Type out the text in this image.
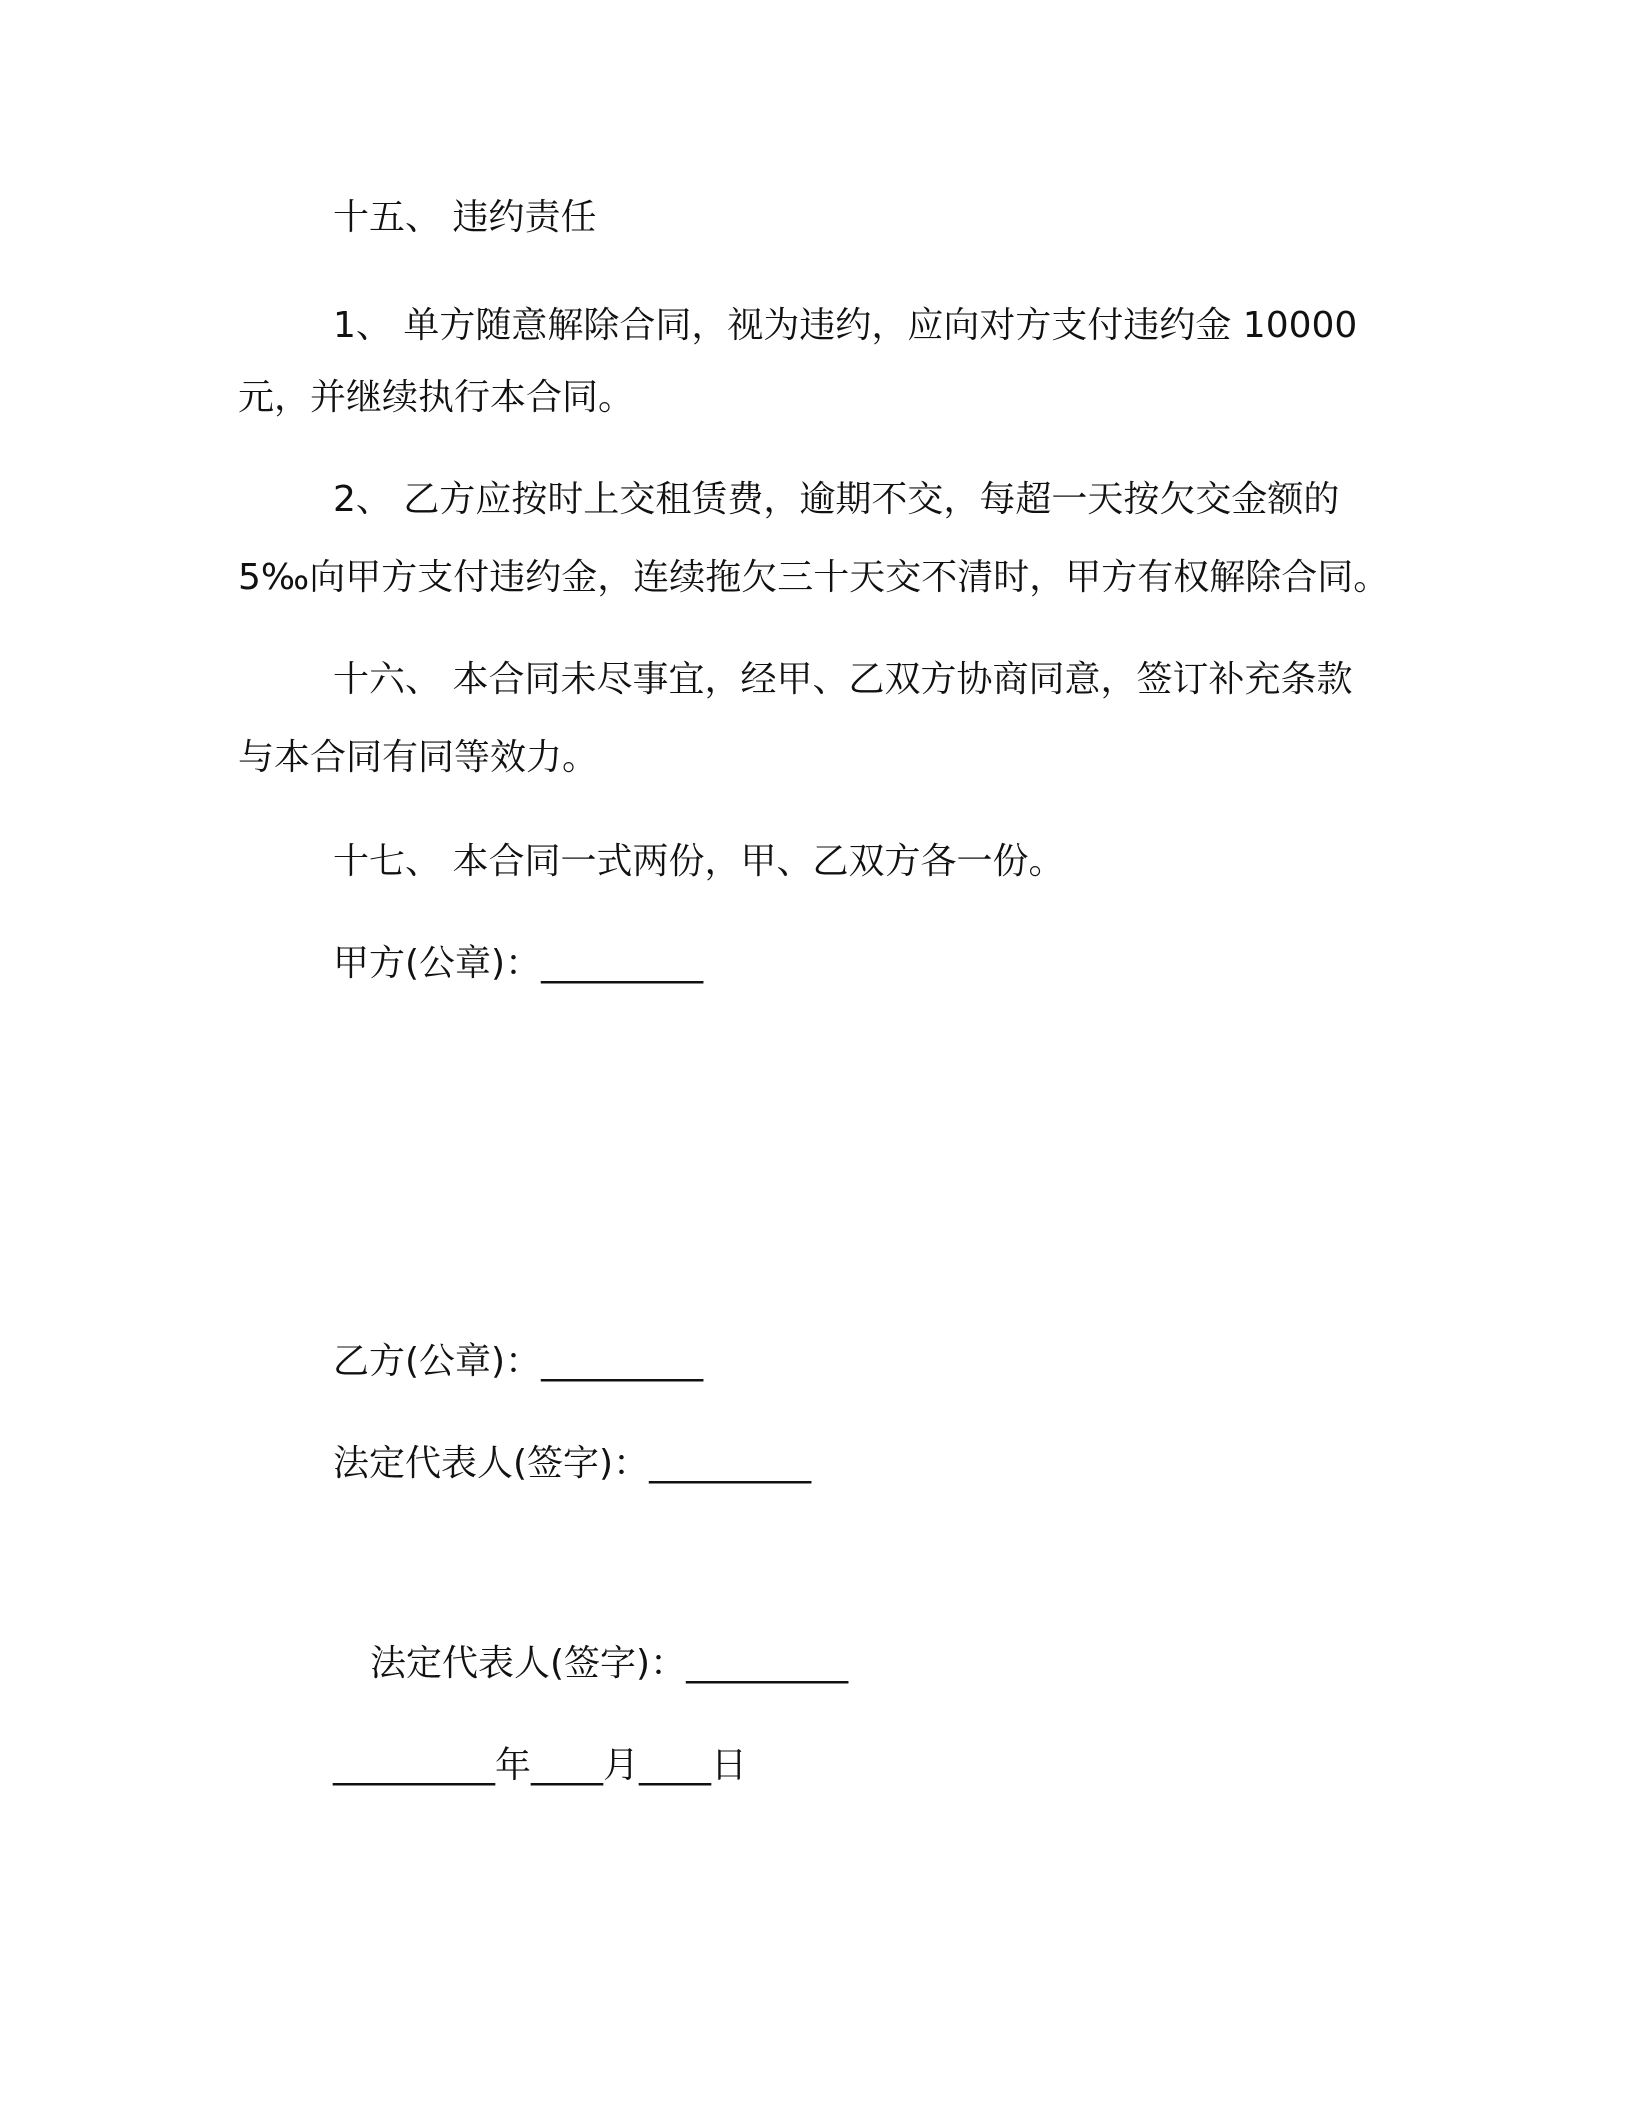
十五、 违约责任
1、 单方随意解除合同，视为违约，应向对方支付违约金 10000
元，并继续执行本合同。
2、 乙方应按时上交租赁费，逾期不交，每超一天按欠交金额的
5‰向甲方支付违约金，连续拖欠三十天交不清时，甲方有权解除合同。
十六、 本合同未尽事宜，经甲、乙双方协商同意，签订补充条款
与本合同有同等效力。
十七、 本合同一式两份，甲、乙双方各一份。
甲方(公章)：_________
乙方(公章)：_________
法定代表人(签字)：_________
法定代表人(签字)：_________
_________年____月____日
